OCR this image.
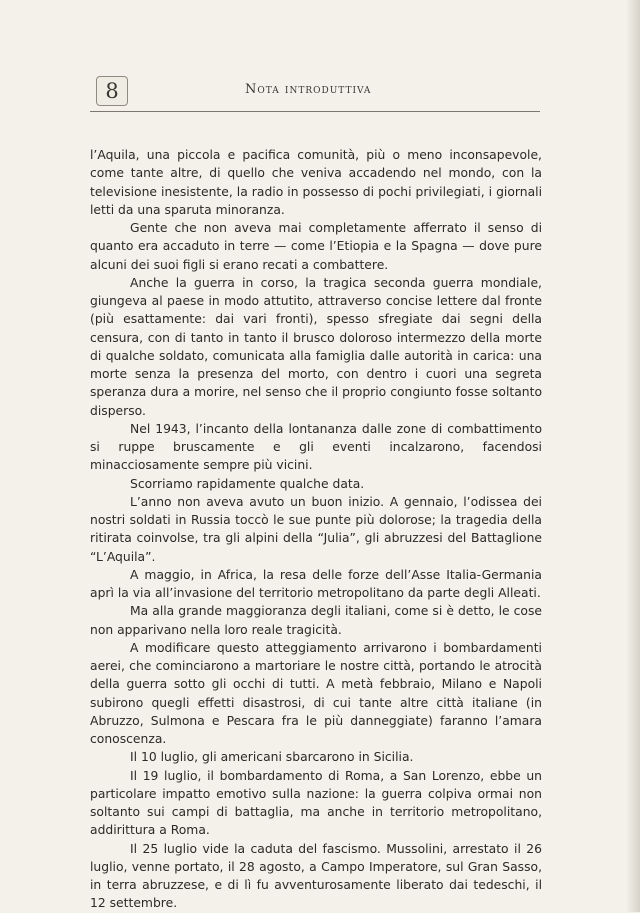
8	Nota introduttiva

l’Aquila, una piccola e pacifica comunità, più o meno inconsapevole, come tante altre, di quello che veniva accadendo nel mondo, con la televisione inesistente, la radio in possesso di pochi privilegiati, i giornali letti da una sparuta minoranza.

Gente che non aveva mai completamente afferrato il senso di quanto era accaduto in terre — come l’Etiopia e la Spagna — dove pure alcuni dei suoi figli si erano recati a combattere.

Anche la guerra in corso, la tragica seconda guerra mondiale, giungeva al paese in modo attutito, attraverso concise lettere dal fronte (più esattamente: dai vari fronti), spesso sfregiate dai segni della censura, con di tanto in tanto il brusco doloroso intermezzo della morte di qualche soldato, comunicata alla famiglia dalle autorità in carica: una morte senza la presenza del morto, con dentro i cuori una segreta speranza dura a morire, nel senso che il proprio congiunto fosse soltanto disperso.

Nel 1943, l’incanto della lontananza dalle zone di combattimento si ruppe bruscamente e gli eventi incalzarono, facendosi minacciosamente sempre più vicini.

Scorriamo rapidamente qualche data.

L’anno non aveva avuto un buon inizio. A gennaio, l’odissea dei nostri soldati in Russia toccò le sue punte più dolorose; la tragedia della ritirata coinvolse, tra gli alpini della “Julia”, gli abruzzesi del Battaglione “L’Aquila”.

A maggio, in Africa, la resa delle forze dell’Asse Italia-Germania aprì la via all’invasione del territorio metropolitano da parte degli Alleati.

Ma alla grande maggioranza degli italiani, come si è detto, le cose non apparivano nella loro reale tragicità.

A modificare questo atteggiamento arrivarono i bombardamenti aerei, che cominciarono a martoriare le nostre città, portando le atrocità della guerra sotto gli occhi di tutti. A metà febbraio, Milano e Napoli subirono quegli effetti disastrosi, di cui tante altre città italiane (in Abruzzo, Sulmona e Pescara fra le più danneggiate) faranno l’amara conoscenza.

Il 10 luglio, gli americani sbarcarono in Sicilia.

Il 19 luglio, il bombardamento di Roma, a San Lorenzo, ebbe un particolare impatto emotivo sulla nazione: la guerra colpiva ormai non soltanto sui campi di battaglia, ma anche in territorio metropolitano, addirittura a Roma.

Il 25 luglio vide la caduta del fascismo. Mussolini, arrestato il 26 luglio, venne portato, il 28 agosto, a Campo Imperatore, sul Gran Sasso, in terra abruzzese, e di lì fu avventurosamente liberato dai tedeschi, il 12 settembre.
